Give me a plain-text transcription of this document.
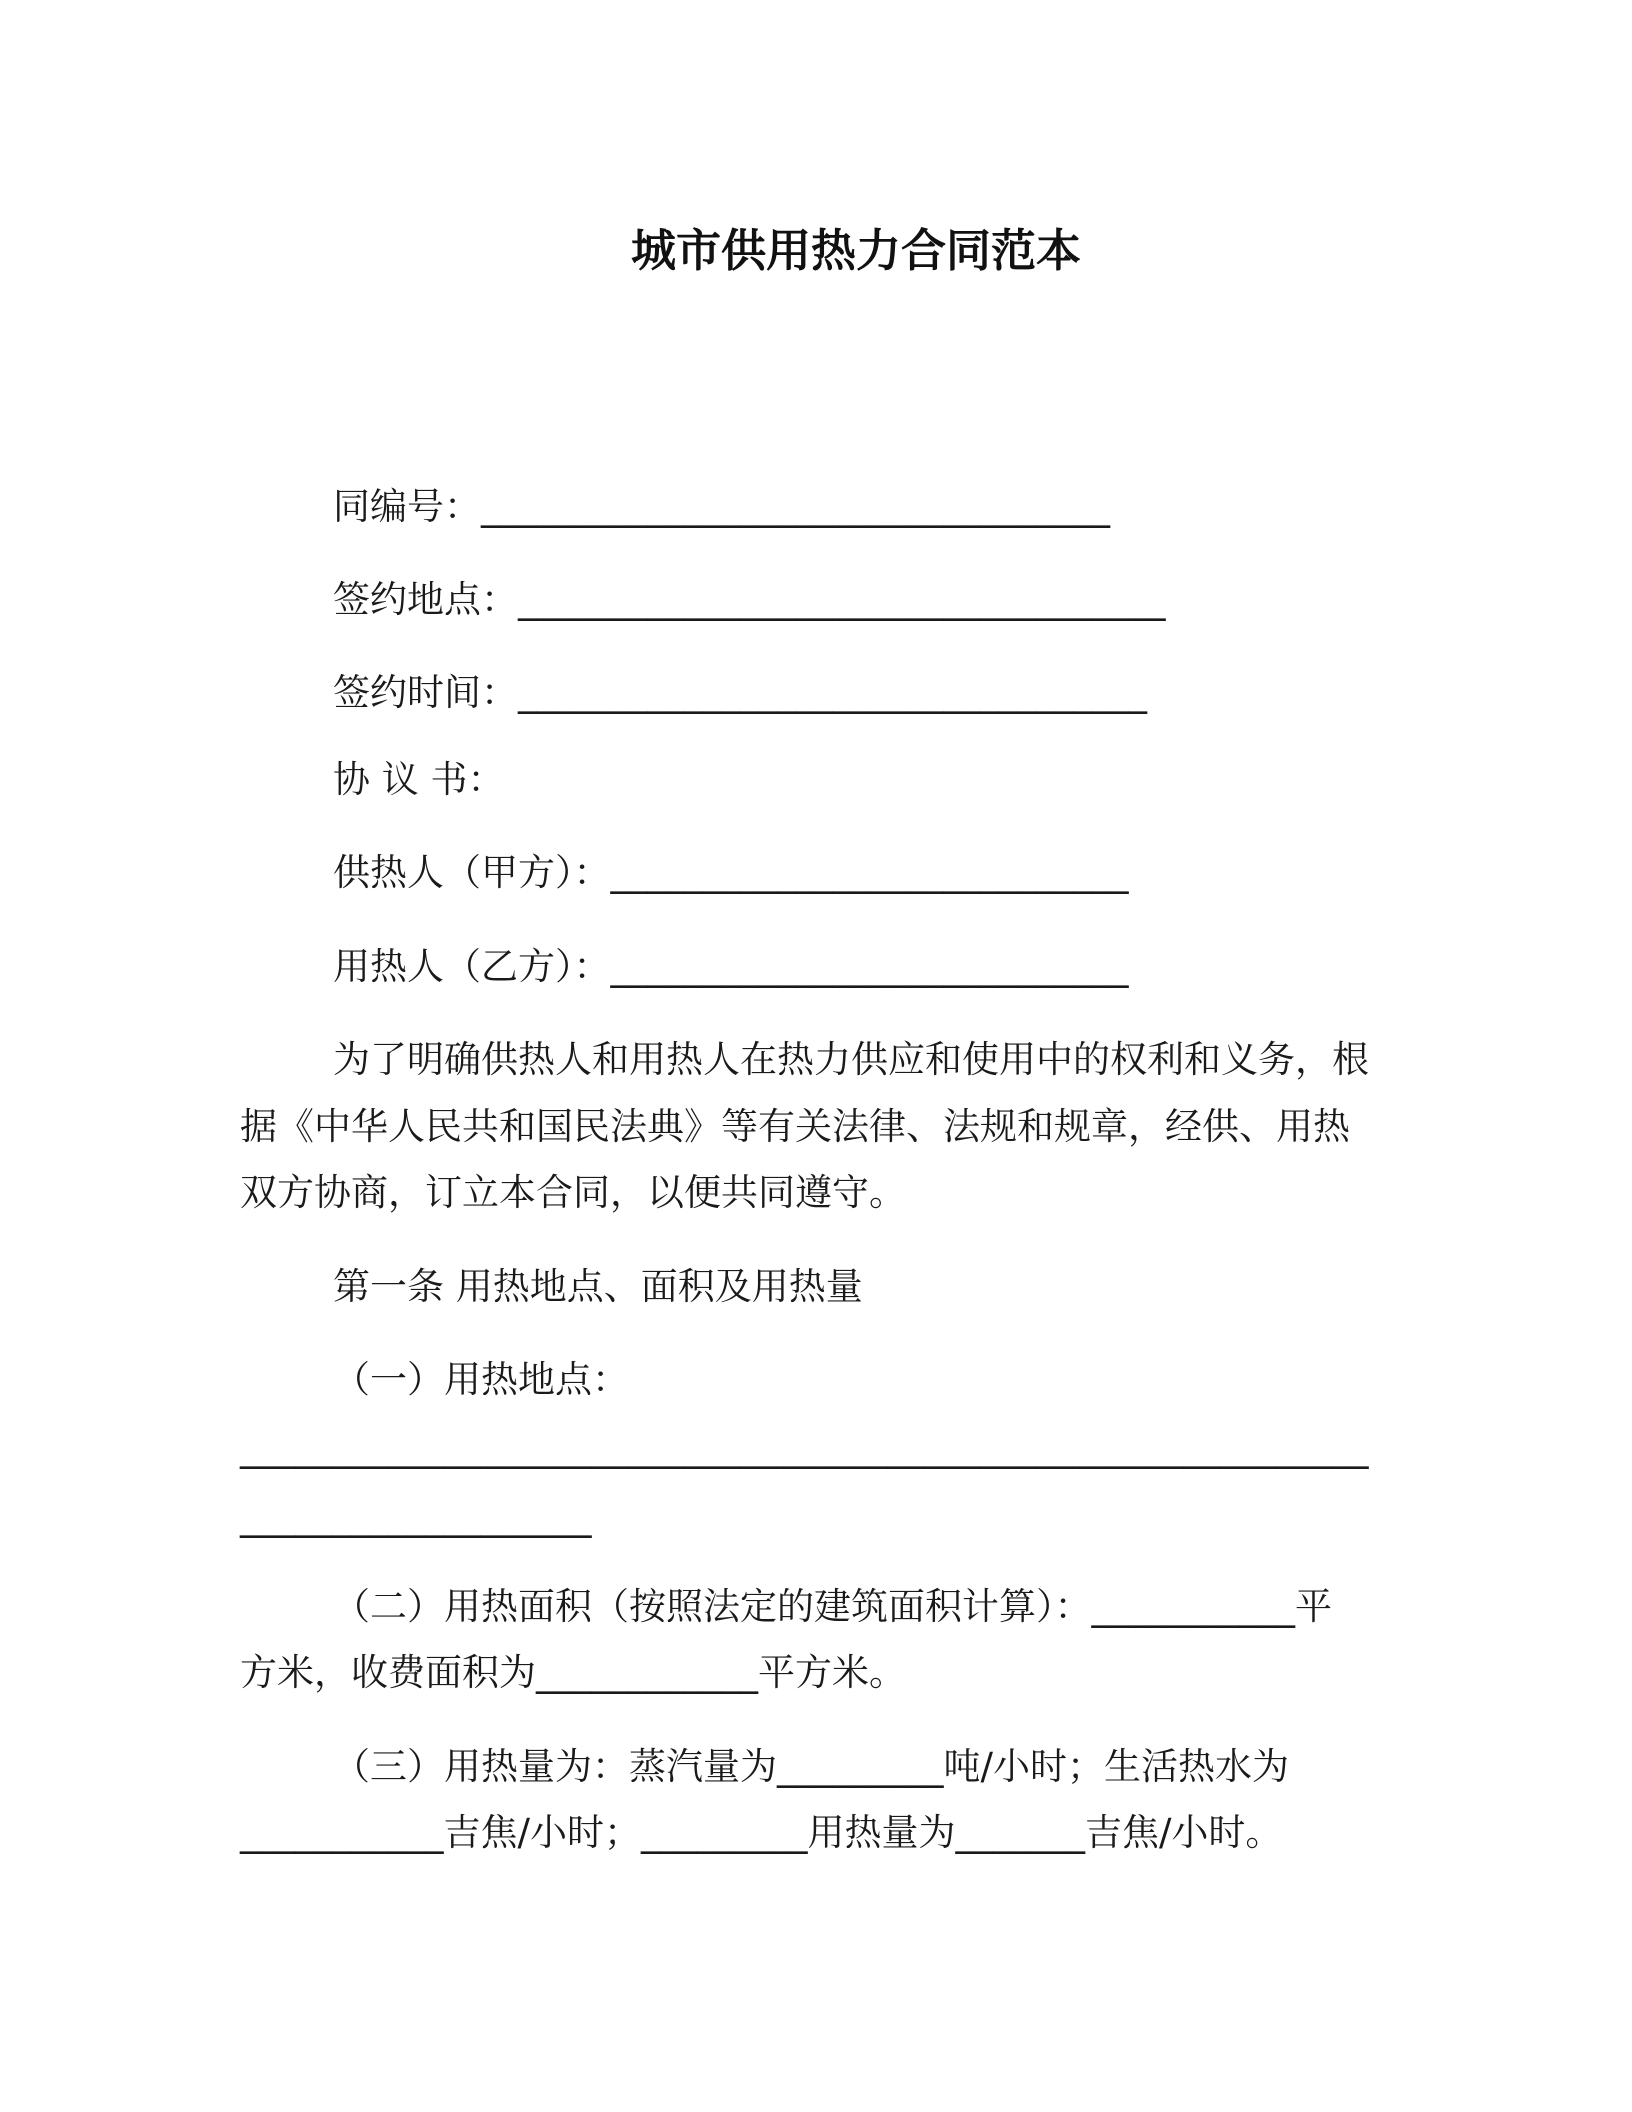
城市供用热力合同范本
同编号：__________________________________
签约地点：___________________________________
签约时间：__________________________________
协 议 书：
供热人（甲方）：____________________________
用热人（乙方）：____________________________
为了明确供热人和用热人在热力供应和使用中的权利和义务，根
据《中华人民共和国民法典》等有关法律、法规和规章，经供、用热
双方协商，订立本合同，以便共同遵守。
第一条 用热地点、面积及用热量
（一）用热地点：
_____________________________________________________________
___________________
（二）用热面积（按照法定的建筑面积计算）：___________平
方米，收费面积为____________平方米。
（三）用热量为：蒸汽量为_________吨/小时；生活热水为
___________吉焦/小时；_________用热量为_______吉焦/小时。
